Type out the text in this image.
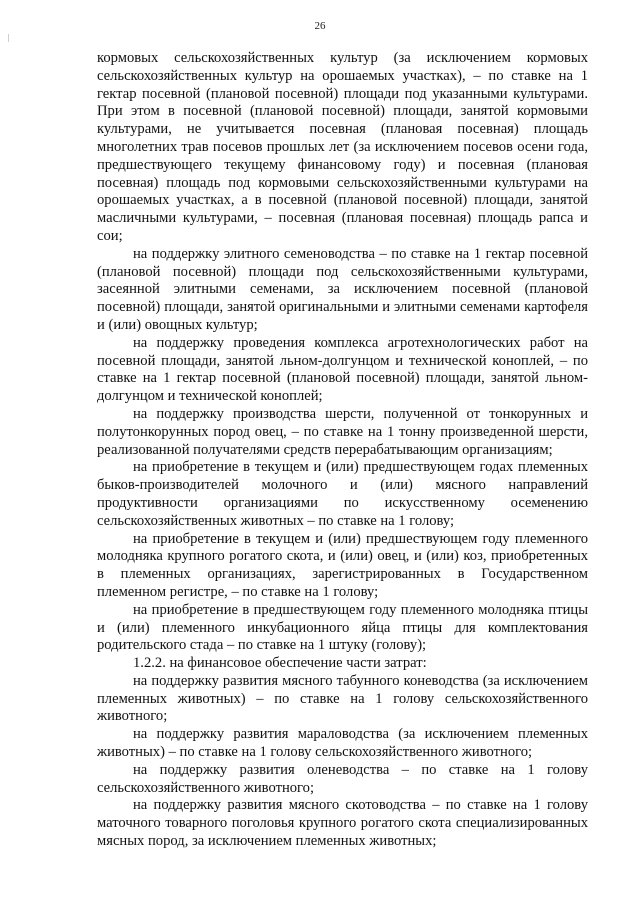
26

кормовых сельскохозяйственных культур (за исключением кормовых сельскохозяйственных культур на орошаемых участках), – по ставке на 1 гектар посевной (плановой посевной) площади под указанными культурами. При этом в посевной (плановой посевной) площади, занятой кормовыми культурами, не учитывается посевная (плановая посевная) площадь многолетних трав посевов прошлых лет (за исключением посевов осени года, предшествующего текущему финансовому году) и посевная (плановая посевная) площадь под кормовыми сельскохозяйственными культурами на орошаемых участках, а в посевной (плановой посевной) площади, занятой масличными культурами, – посевная (плановая посевная) площадь рапса и сои;

на поддержку элитного семеноводства – по ставке на 1 гектар посевной (плановой посевной) площади под сельскохозяйственными культурами, засеянной элитными семенами, за исключением посевной (плановой посевной) площади, занятой оригинальными и элитными семенами картофеля и (или) овощных культур;

на поддержку проведения комплекса агротехнологических работ на посевной площади, занятой льном-долгунцом и технической коноплей, – по ставке на 1 гектар посевной (плановой посевной) площади, занятой льном-долгунцом и технической коноплей;

на поддержку производства шерсти, полученной от тонкорунных и полутонкорунных пород овец, – по ставке на 1 тонну произведенной шерсти, реализованной получателями средств перерабатывающим организациям;

на приобретение в текущем и (или) предшествующем годах племенных быков-производителей молочного и (или) мясного направлений продуктивности организациями по искусственному осеменению сельскохозяйственных животных – по ставке на 1 голову;

на приобретение в текущем и (или) предшествующем году племенного молодняка крупного рогатого скота, и (или) овец, и (или) коз, приобретенных в племенных организациях, зарегистрированных в Государственном племенном регистре, – по ставке на 1 голову;

на приобретение в предшествующем году племенного молодняка птицы и (или) племенного инкубационного яйца птицы для комплектования родительского стада – по ставке на 1 штуку (голову);

1.2.2. на финансовое обеспечение части затрат:

на поддержку развития мясного табунного коневодства (за исключением племенных животных) – по ставке на 1 голову сельскохозяйственного животного;

на поддержку развития мараловодства (за исключением племенных животных) – по ставке на 1 голову сельскохозяйственного животного;

на поддержку развития оленеводства – по ставке на 1 голову сельскохозяйственного животного;

на поддержку развития мясного скотоводства – по ставке на 1 голову маточного товарного поголовья крупного рогатого скота специализированных мясных пород, за исключением племенных животных;
